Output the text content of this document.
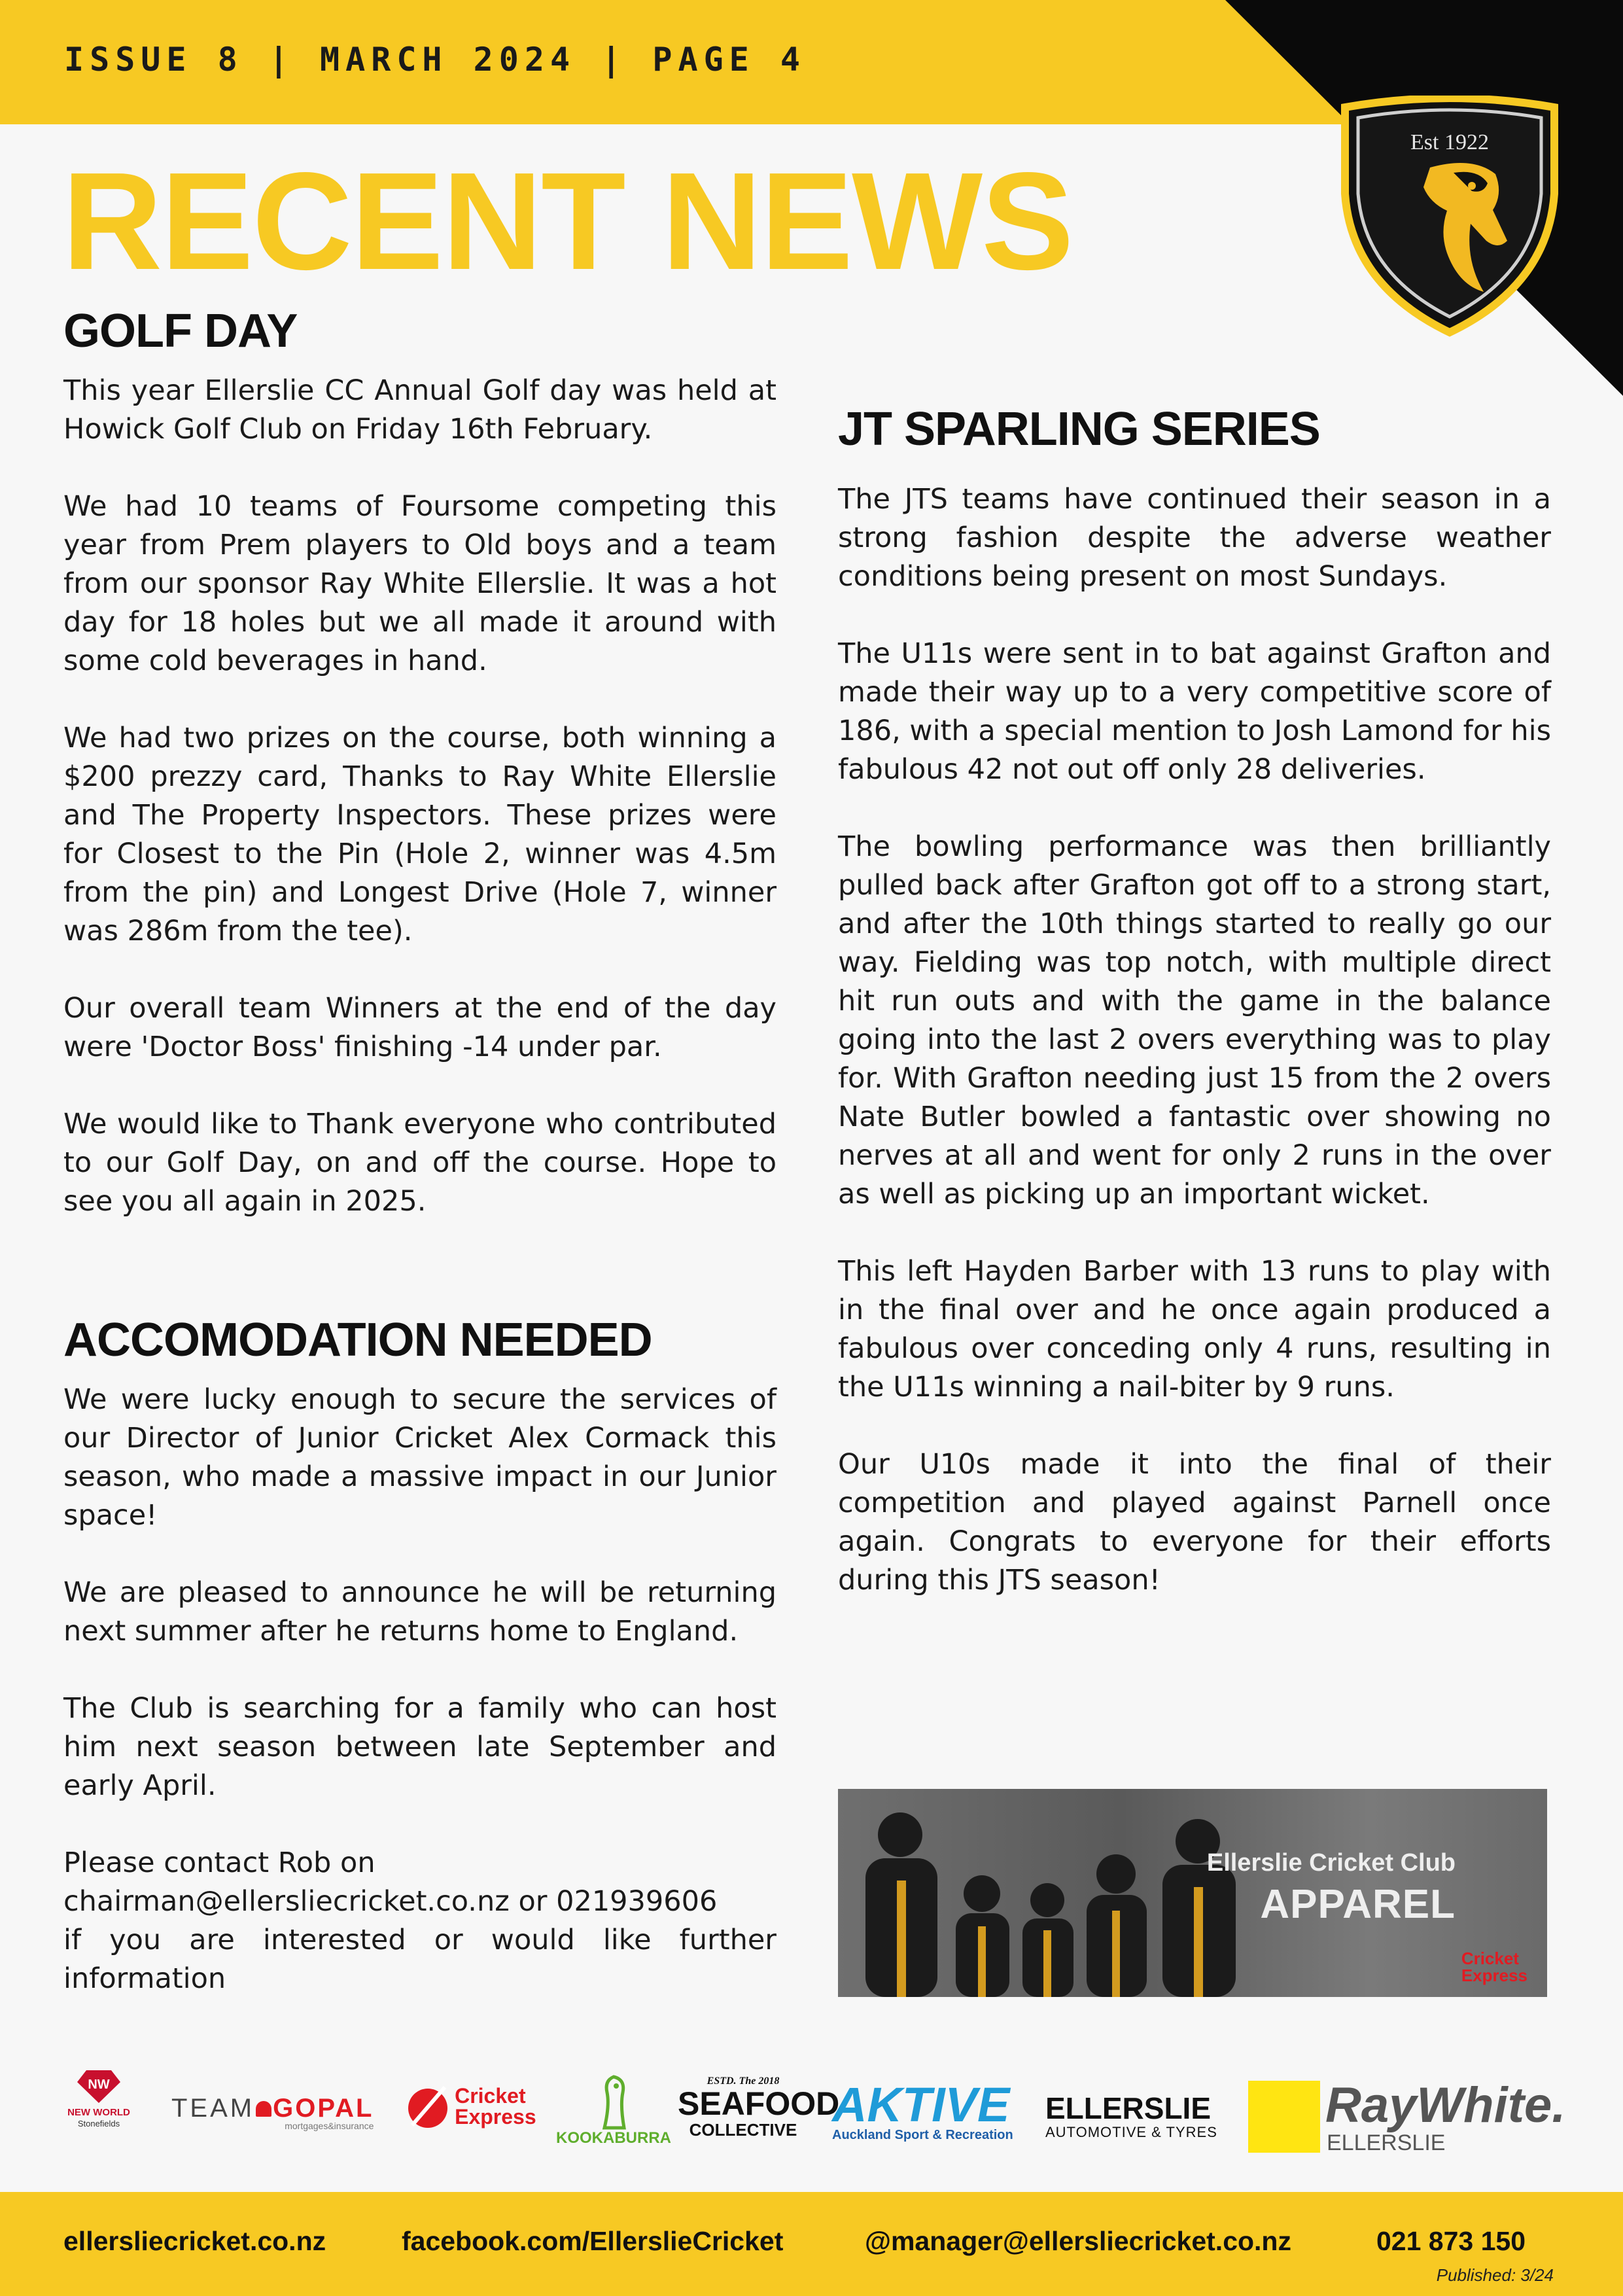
ISSUE 8 | MARCH 2024 | PAGE 4
Est 1922
RECENT NEWS
GOLF DAY

This year Ellerslie CC Annual Golf day was held at Howick Golf Club on Friday 16th February.

We had 10 teams of Foursome competing this year from Prem players to Old boys and a team from our sponsor Ray White Ellerslie. It was a hot day for 18 holes but we all made it around with some cold beverages in hand.

We had two prizes on the course, both winning a $200 prezzy card, Thanks to Ray White Ellerslie and The Property Inspectors. These prizes were for Closest to the Pin (Hole 2, winner was 4.5m from the pin) and Longest Drive (Hole 7, winner was 286m from the tee).

Our overall team Winners at the end of the day were 'Doctor Boss' finishing -14 under par.

We would like to Thank everyone who contributed to our Golf Day, on and off the course. Hope to see you all again in 2025.

ACCOMODATION NEEDED

We were lucky enough to secure the services of our Director of Junior Cricket Alex Cormack this season, who made a massive impact in our Junior space!

We are pleased to announce he will be returning next summer after he returns home to England.

The Club is searching for a family who can host him next season between late September and early April.

Please contact Rob on
chairman@ellersliecricket.co.nz or 021939606
if you are interested or would like further information

JT SPARLING SERIES

The JTS teams have continued their season in a strong fashion despite the adverse weather conditions being present on most Sundays.

The U11s were sent in to bat against Grafton and made their way up to a very competitive score of 186, with a special mention to Josh Lamond for his fabulous 42 not out off only 28 deliveries.

The bowling performance was then brilliantly pulled back after Grafton got off to a strong start, and after the 10th things started to really go our way. Fielding was top notch, with multiple direct hit run outs and with the game in the balance going into the last 2 overs everything was to play for. With Grafton needing just 15 from the 2 overs Nate Butler bowled a fantastic over showing no nerves at all and went for only 2 runs in the over as well as picking up an important wicket.

This left Hayden Barber with 13 runs to play with in the final over and he once again produced a fabulous over conceding only 4 runs, resulting in the U11s winning a nail-biter by 9 runs.

Our U10s made it into the final of their competition and played against Parnell once again. Congrats to everyone for their efforts during this JTS season!

Ellerslie Cricket Club
APPAREL
Cricket
Express
NW
NEW WORLD
Stonefields
TEAM GOPAL
mortgages&insurance

Cricket
Express
KOOKABURRA
ESTD. The 2018
SEAFOOD
COLLECTIVE AKTIVE
Auckland Sport & Recreation
ELLERSLIE
AUTOMOTIVE & TYRES RayWhite.
ELLERSLIE
ellersliecricket.co.nz	facebook.com/EllerslieCricket	@manager@ellersliecricket.co.nz	021 873 150
Published: 3/24
